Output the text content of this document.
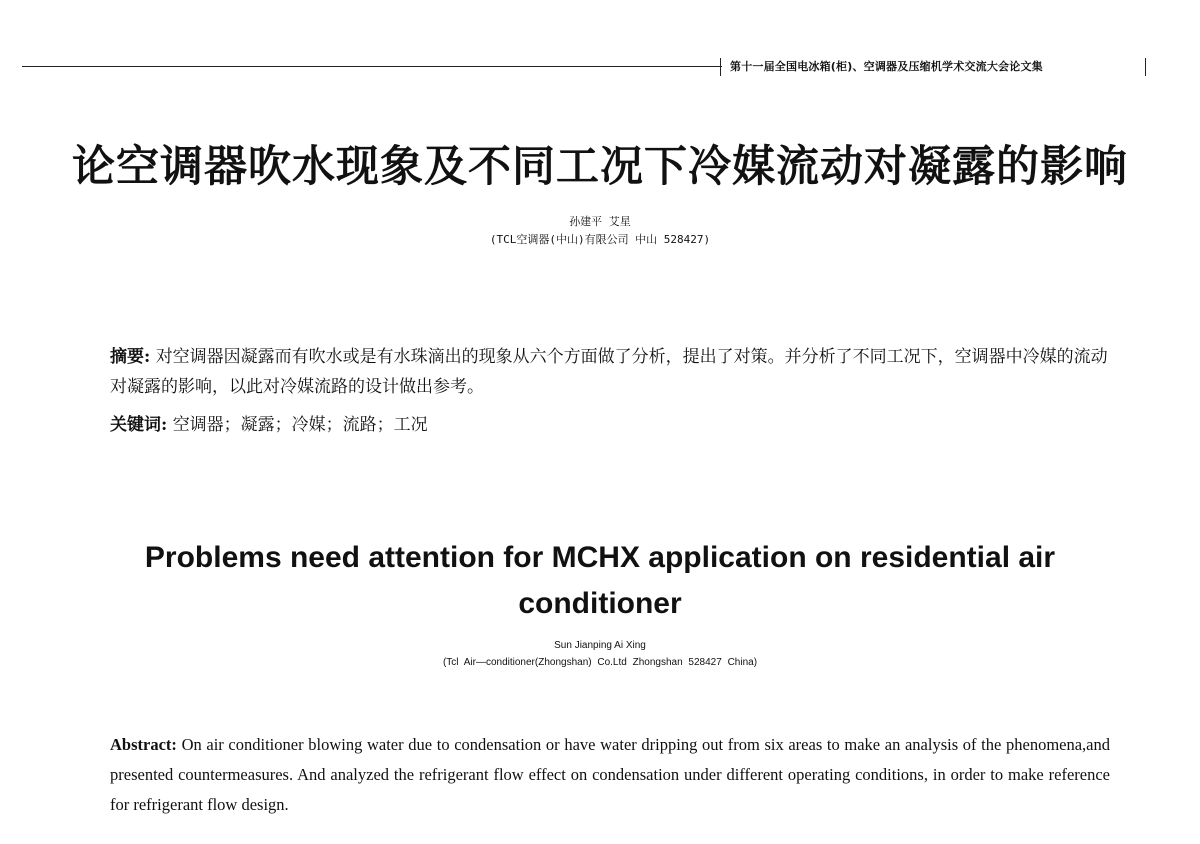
第十一届全国电冰箱(柜)、空调器及压缩机学术交流大会论文集
论空调器吹水现象及不同工况下冷媒流动对凝露的影响
孙建平 艾星
(TCL空调器(中山)有限公司 中山 528427)
摘要: 对空调器因凝露而有吹水或是有水珠滴出的现象从六个方面做了分析，提出了对策。并分析了不同工况下，空调器中冷媒的流动对凝露的影响，以此对冷媒流路的设计做出参考。
关键词: 空调器；凝露；冷媒；流路；工况
Problems need attention for MCHX application on residential air conditioner
Sun Jianping Ai Xing
(Tcl Air—conditioner(Zhongshan) Co.Ltd Zhongshan 528427 China)
Abstract: On air conditioner blowing water due to condensation or have water dripping out from six areas to make an analysis of the phenomena,and presented countermeasures. And analyzed the refrigerant flow effect on condensation under different operating conditions, in order to make reference for refrigerant flow design.
